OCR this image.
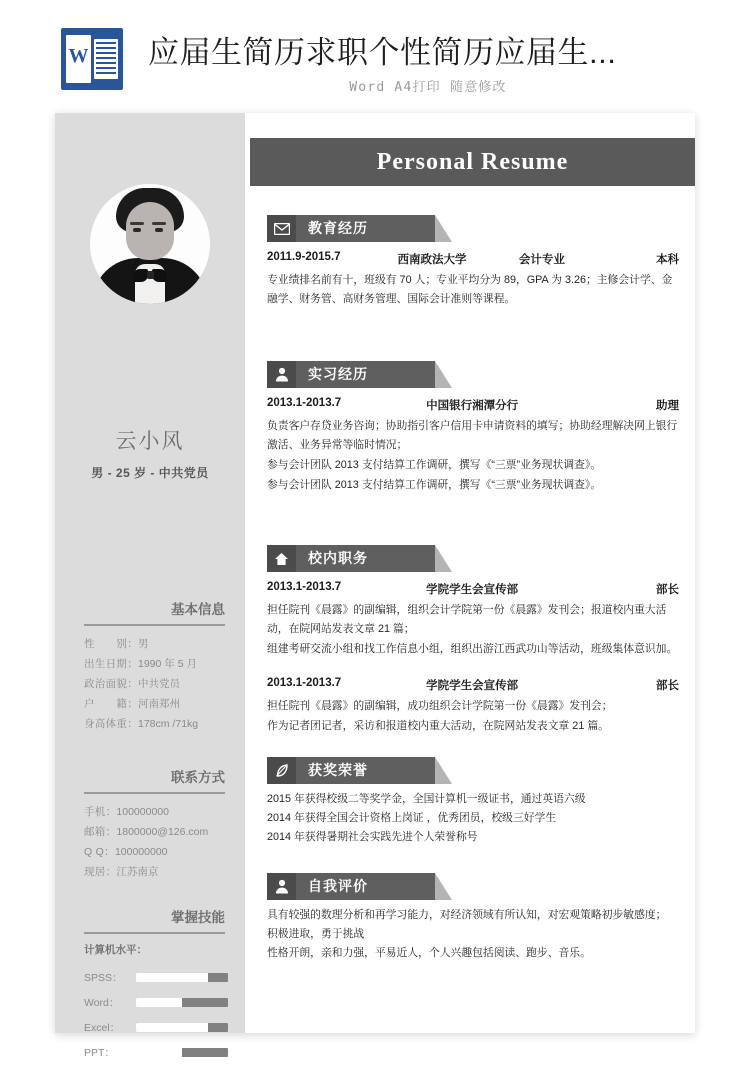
W
应届生简历求职个性简历应届生...
Word A4打印 随意修改
云小风
男 - 25 岁 - 中共党员
基本信息
性　　别：男
出生日期：1990 年 5 月
政治面貌：中共党员
户　　籍：河南郑州
身高体重：178cm /71kg
联系方式
手机：100000000
邮箱：1800000@126.com
Q Q：100000000
现居：江苏南京
掌握技能
计算机水平：
SPSS：
Word：
Excel：
PPT：
Personal Resume
教育经历
2011.9-2015.7	西南政法大学	会计专业	本科
专业绩排名前有十，班级有 70 人；专业平均分为 89，GPA 为 3.26；主修会计学、金融学、财务管、高财务管理、国际会计准则等课程。
实习经历
2013.1-2013.7	中国银行湘潭分行	助理
负责客户存贷业务咨询；协助指引客户信用卡申请资料的填写；协助经理解决网上银行激活、业务异常等临时情况；
参与会计团队 2013 支付结算工作调研，撰写《“三票”业务现状调查》。
参与会计团队 2013 支付结算工作调研，撰写《“三票”业务现状调查》。
校内职务
2013.1-2013.7	学院学生会宣传部	部长
担任院刊《晨露》的副编辑，组织会计学院第一份《晨露》发刊会；报道校内重大活动，在院网站发表文章 21 篇；
组建考研交流小组和找工作信息小组，组织出游江西武功山等活动，班级集体意识加。
2013.1-2013.7	学院学生会宣传部	部长
担任院刊《晨露》的副编辑，成功组织会计学院第一份《晨露》发刊会；
作为记者团记者，采访和报道校内重大活动，在院网站发表文章 21 篇。
获奖荣誉
2015 年获得校级二等奖学金，全国计算机一级证书，通过英语六级
2014 年获得全国会计资格上岗证 ，优秀团员，校级三好学生
2014 年获得暑期社会实践先进个人荣誉称号
自我评价
具有较强的数理分析和再学习能力，对经济领域有所认知，对宏观策略初步敏感度；
积极进取，勇于挑战
性格开朗，亲和力强，平易近人，个人兴趣包括阅读、跑步、音乐。
